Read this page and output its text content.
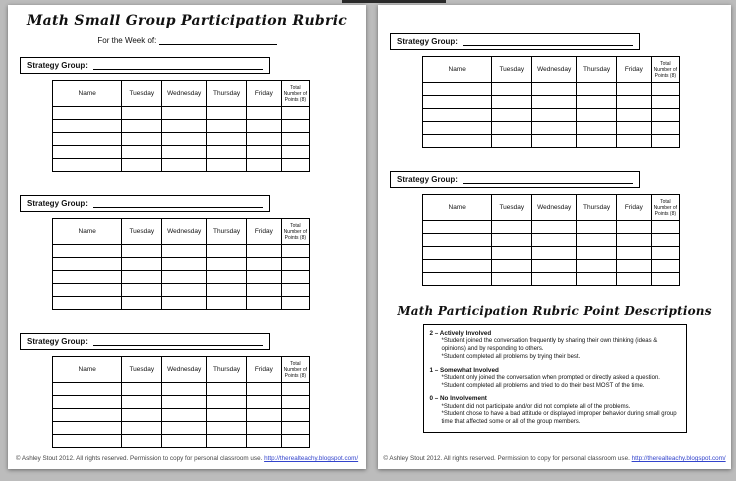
Math Small Group Participation Rubric
For the Week of:
Strategy Group:
Name	Tuesday	Wednesday	Thursday	Friday	Total Number of Points (8)

Strategy Group:
Name	Tuesday	Wednesday	Thursday	Friday	Total Number of Points (8)

Strategy Group:
Name	Tuesday	Wednesday	Thursday	Friday	Total Number of Points (8)

© Ashley Stout 2012. All rights reserved. Permission to copy for personal classroom use. http://therealteachy.blogspot.com/
Strategy Group:
Name	Tuesday	Wednesday	Thursday	Friday	Total Number of Points (8)

Strategy Group:
Name	Tuesday	Wednesday	Thursday	Friday	Total Number of Points (8)

Math Participation Rubric Point Descriptions
2 – Actively Involved
*Student joined the conversation frequently by sharing their own thinking (ideas & opinions) and by responding to others.
*Student completed all problems by trying their best.
1 – Somewhat Involved
*Student only joined the conversation when prompted or directly asked a question.
*Student completed all problems and tried to do their best MOST of the time.
0 – No Involvement
*Student did not participate and/or did not complete all of the problems.
*Student chose to have a bad attitude or displayed improper behavior during small group time that affected some or all of the group members.
© Ashley Stout 2012. All rights reserved. Permission to copy for personal classroom use. http://therealteachy.blogspot.com/
